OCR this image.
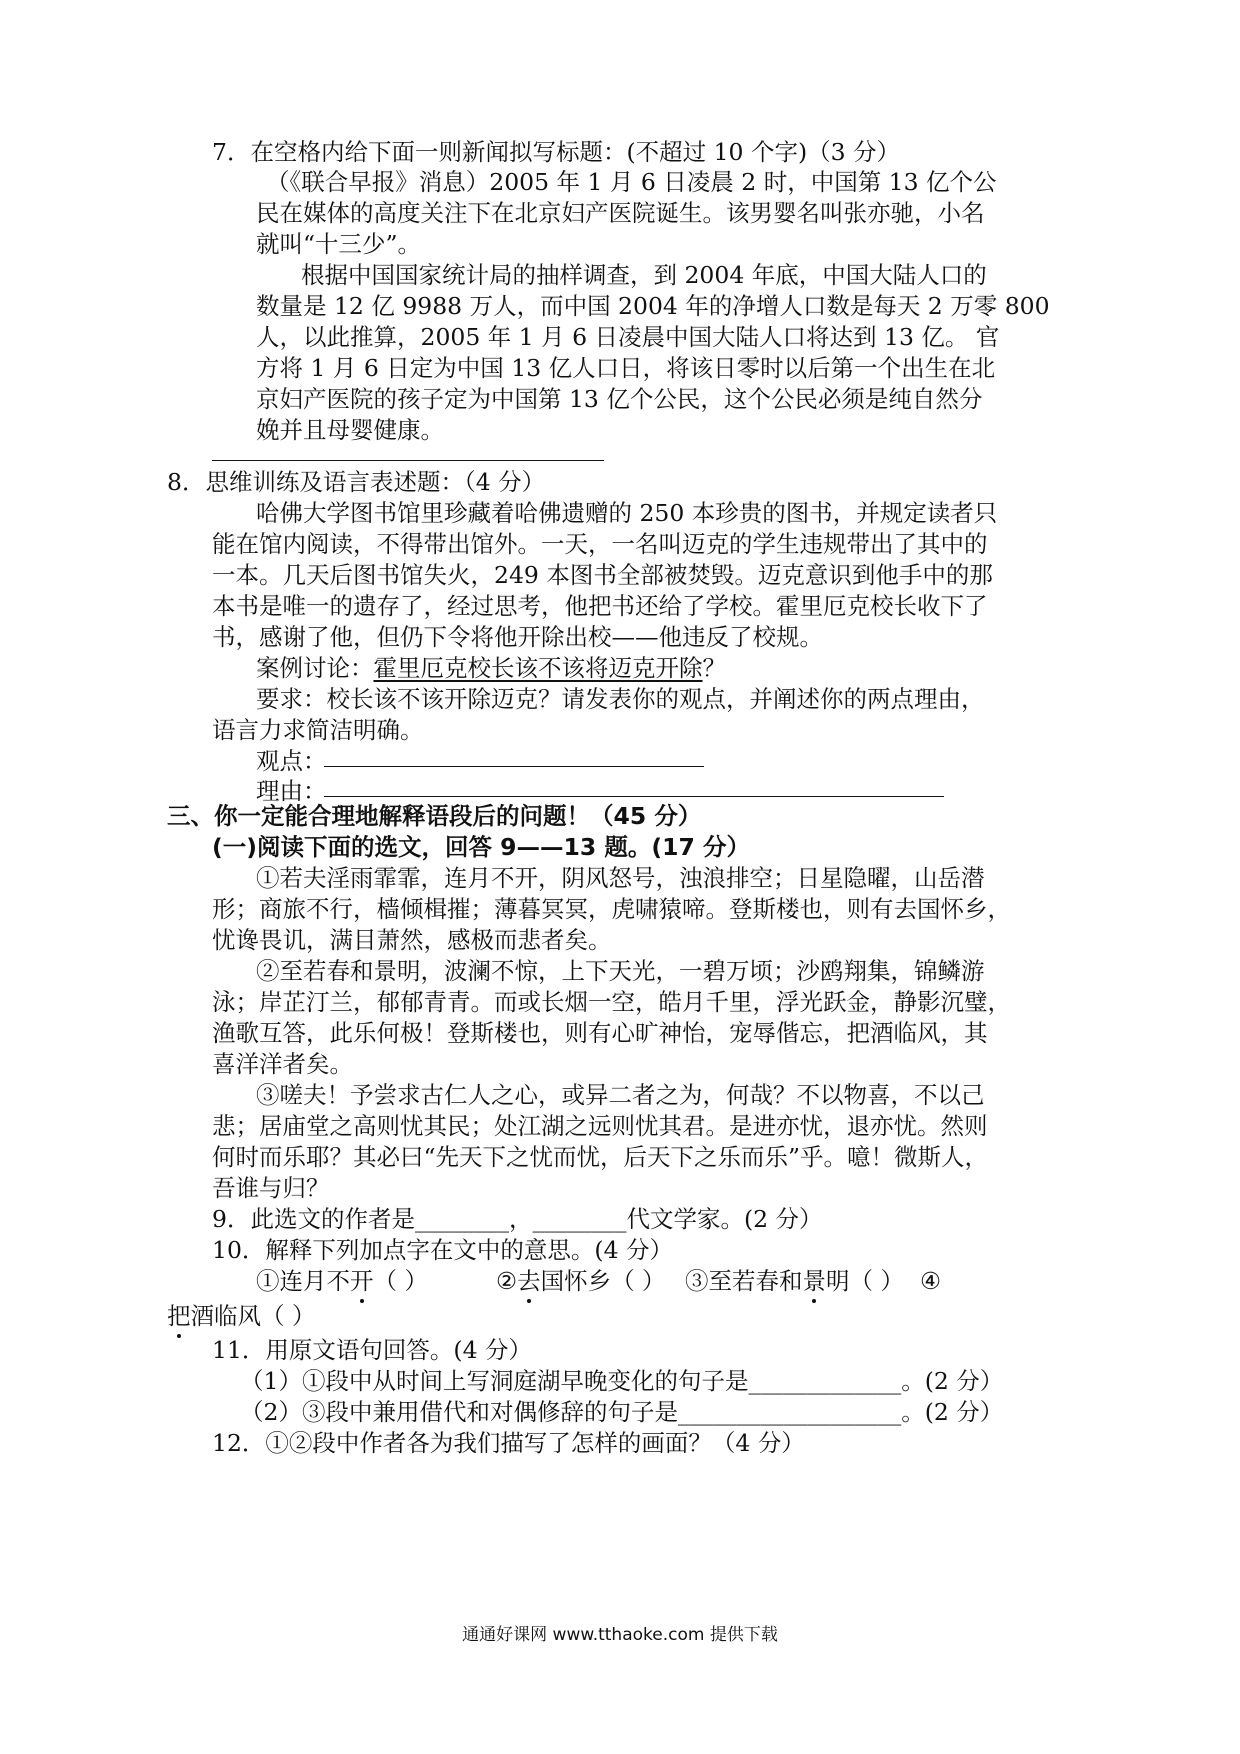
7．在空格内给下面一则新闻拟写标题：(不超过 10 个字)（3 分）
（《联合早报》消息）2005 年 1 月 6 日凌晨 2 时，中国第 13 亿个公
民在媒体的高度关注下在北京妇产医院诞生。该男婴名叫张亦驰，小名
就叫“十三少”。
根据中国国家统计局的抽样调查，到 2004 年底，中国大陆人口的
数量是 12 亿 9988 万人，而中国 2004 年的净增人口数是每天 2 万零 800
人，以此推算，2005 年 1 月 6 日凌晨中国大陆人口将达到 13 亿。 官
方将 1 月 6 日定为中国 13 亿人口日，将该日零时以后第一个出生在北
京妇产医院的孩子定为中国第 13 亿个公民，这个公民必须是纯自然分
娩并且母婴健康。
8．思维训练及语言表述题：（4 分）
哈佛大学图书馆里珍藏着哈佛遗赠的 250 本珍贵的图书，并规定读者只
能在馆内阅读，不得带出馆外。一天，一名叫迈克的学生违规带出了其中的
一本。几天后图书馆失火，249 本图书全部被焚毁。迈克意识到他手中的那
本书是唯一的遗存了，经过思考，他把书还给了学校。霍里厄克校长收下了
书，感谢了他，但仍下令将他开除出校——他违反了校规。
案例讨论：霍里厄克校长该不该将迈克开除？
要求：校长该不该开除迈克？请发表你的观点，并阐述你的两点理由，
语言力求简洁明确。
观点：
理由：
三、你一定能合理地解释语段后的问题！（45 分）
(一)阅读下面的选文，回答 9——13 题。(17 分）
①若夫淫雨霏霏，连月不开，阴风怒号，浊浪排空；日星隐曜，山岳潜
形；商旅不行，樯倾楫摧；薄暮冥冥，虎啸猿啼。登斯楼也，则有去国怀乡，
忧谗畏讥，满目萧然，感极而悲者矣。
②至若春和景明，波澜不惊，上下天光，一碧万顷；沙鸥翔集，锦鳞游
泳；岸芷汀兰，郁郁青青。而或长烟一空，皓月千里，浮光跃金，静影沉璧，
渔歌互答，此乐何极！登斯楼也，则有心旷神怡，宠辱偕忘，把酒临风，其
喜洋洋者矣。
③嗟夫！予尝求古仁人之心，或异二者之为，何哉？不以物喜，不以己
悲；居庙堂之高则忧其民；处江湖之远则忧其君。是进亦忧，退亦忧。然则
何时而乐耶？其必曰“先天下之忧而忧，后天下之乐而乐”乎。噫！微斯人，
吾谁与归？
9．此选文的作者是________，________代文学家。(2 分）
10．解释下列加点字在文中的意思。(4 分）
①连月不开（ ）	②去国怀乡（ ） ③至若春和景明（ ） ④
把酒临风（ ）
11．用原文语句回答。(4 分）
（1）①段中从时间上写洞庭湖早晚变化的句子是_____________。(2 分）
（2）③段中兼用借代和对偶修辞的句子是___________________。(2 分）
12．①②段中作者各为我们描写了怎样的画面？（4 分）
通通好课网 www.tthaoke.com 提供下载
